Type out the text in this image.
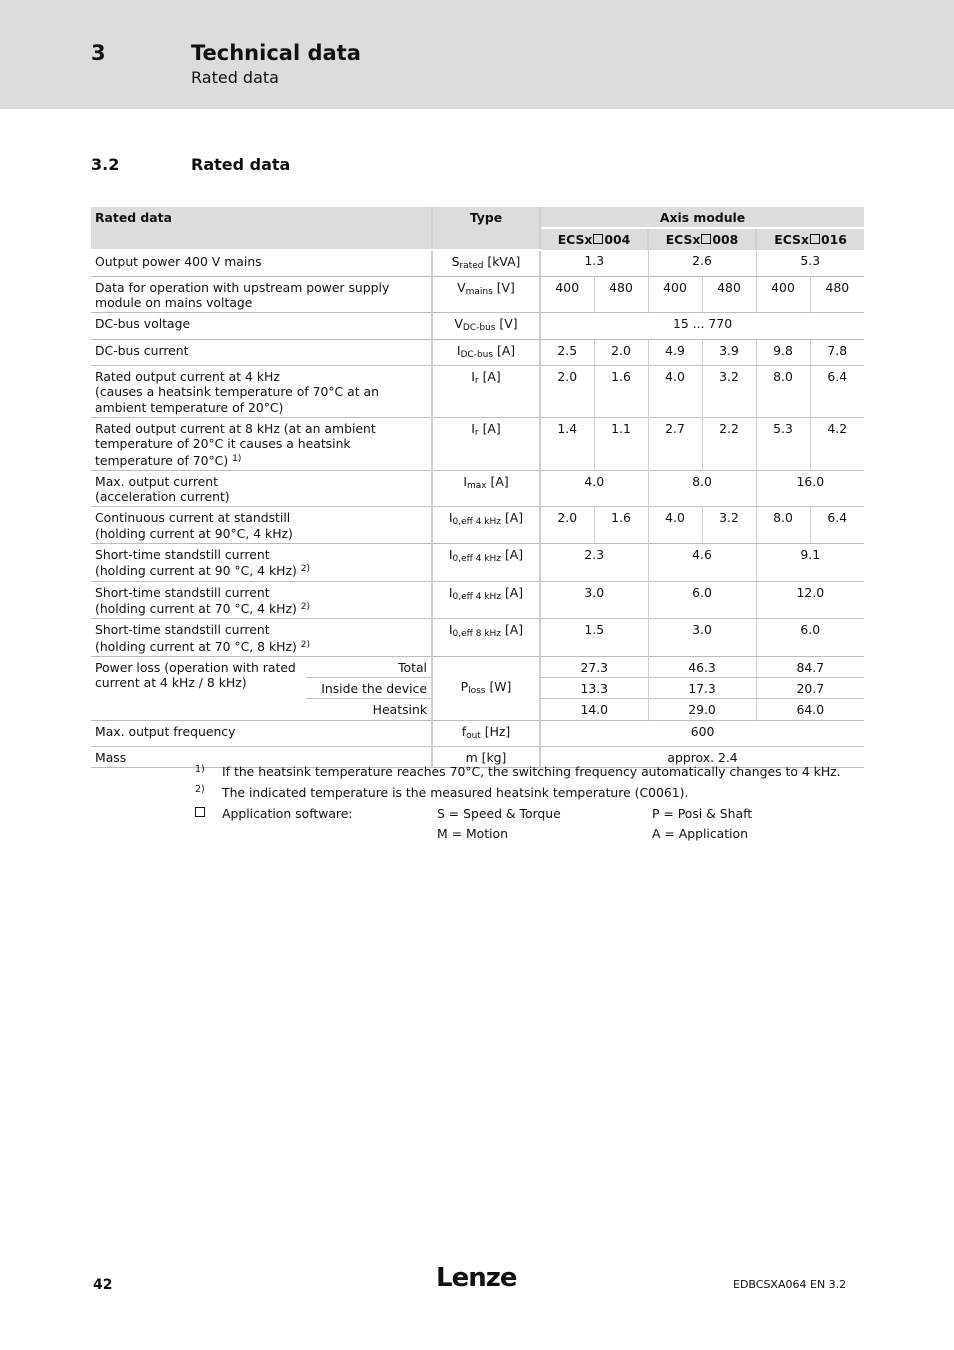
3	Technical data
Rated data
3.2	Rated data
Rated data		Type	Axis module					
			ECSx 004		ECSx 008		ECSx 016	
Output power 400 V mains		$S_{rated}$ [kVA]	1.3		2.6		5.3	
Data for operation with upstream power supply module on mains voltage		$V_{mains}$ [V]	400	480	400	480	400	480
DC-bus voltage		$V_{DC-bus}$ [V]	15 ... 770					
DC-bus current		$I_{DC-bus}$ [A]	2.5	2.0	4.9	3.9	9.8	7.8
Rated output current at 4 kHz
(causes a heatsink temperature of 70°C at an ambient temperature of 20°C)		$I_r$ [A]	2.0	1.6	4.0	3.2	8.0	6.4
Rated output current at 8 kHz (at an ambient temperature of 20°C it causes a heatsink temperature of 70°C) $^{1)}$		$I_r$ [A]	1.4	1.1	2.7	2.2	5.3	4.2
Max. output current
(acceleration current)		$I_{max}$ [A]	4.0		8.0		16.0	
Continuous current at standstill
(holding current at 90°C, 4 kHz)		$I_{0,eff 4 kHz}$ [A]	2.0	1.6	4.0	3.2	8.0	6.4
Short-time standstill current
(holding current at 90 °C, 4 kHz) $^{2)}$		$I_{0,eff 4 kHz}$ [A]	2.3		4.6		9.1	
Short-time standstill current
(holding current at 70 °C, 4 kHz) $^{2)}$		$I_{0,eff 4 kHz}$ [A]	3.0		6.0		12.0	
Short-time standstill current
(holding current at 70 °C, 8 kHz) $^{2)}$		$I_{0,eff 8 kHz}$ [A]	1.5		3.0		6.0	
Power loss (operation with rated current at 4 kHz / 8 kHz)	Total	$P_{loss}$ [W]	27.3		46.3		84.7	
	Inside the device		13.3		17.3		20.7	
	Heatsink		14.0		29.0		64.0	
Max. output frequency		$f_{out}$ [Hz]	600					
Mass		m [kg]	approx. 2.4					
1) If the heatsink temperature reaches 70°C, the switching frequency automatically changes to 4 kHz.
2) The indicated temperature is the measured heatsink temperature (C0061).
Application software:	S = Speed & Torque	P = Posi & Shaft
M = Motion	A = Application
42	Lenze	EDBCSXA064 EN 3.2
